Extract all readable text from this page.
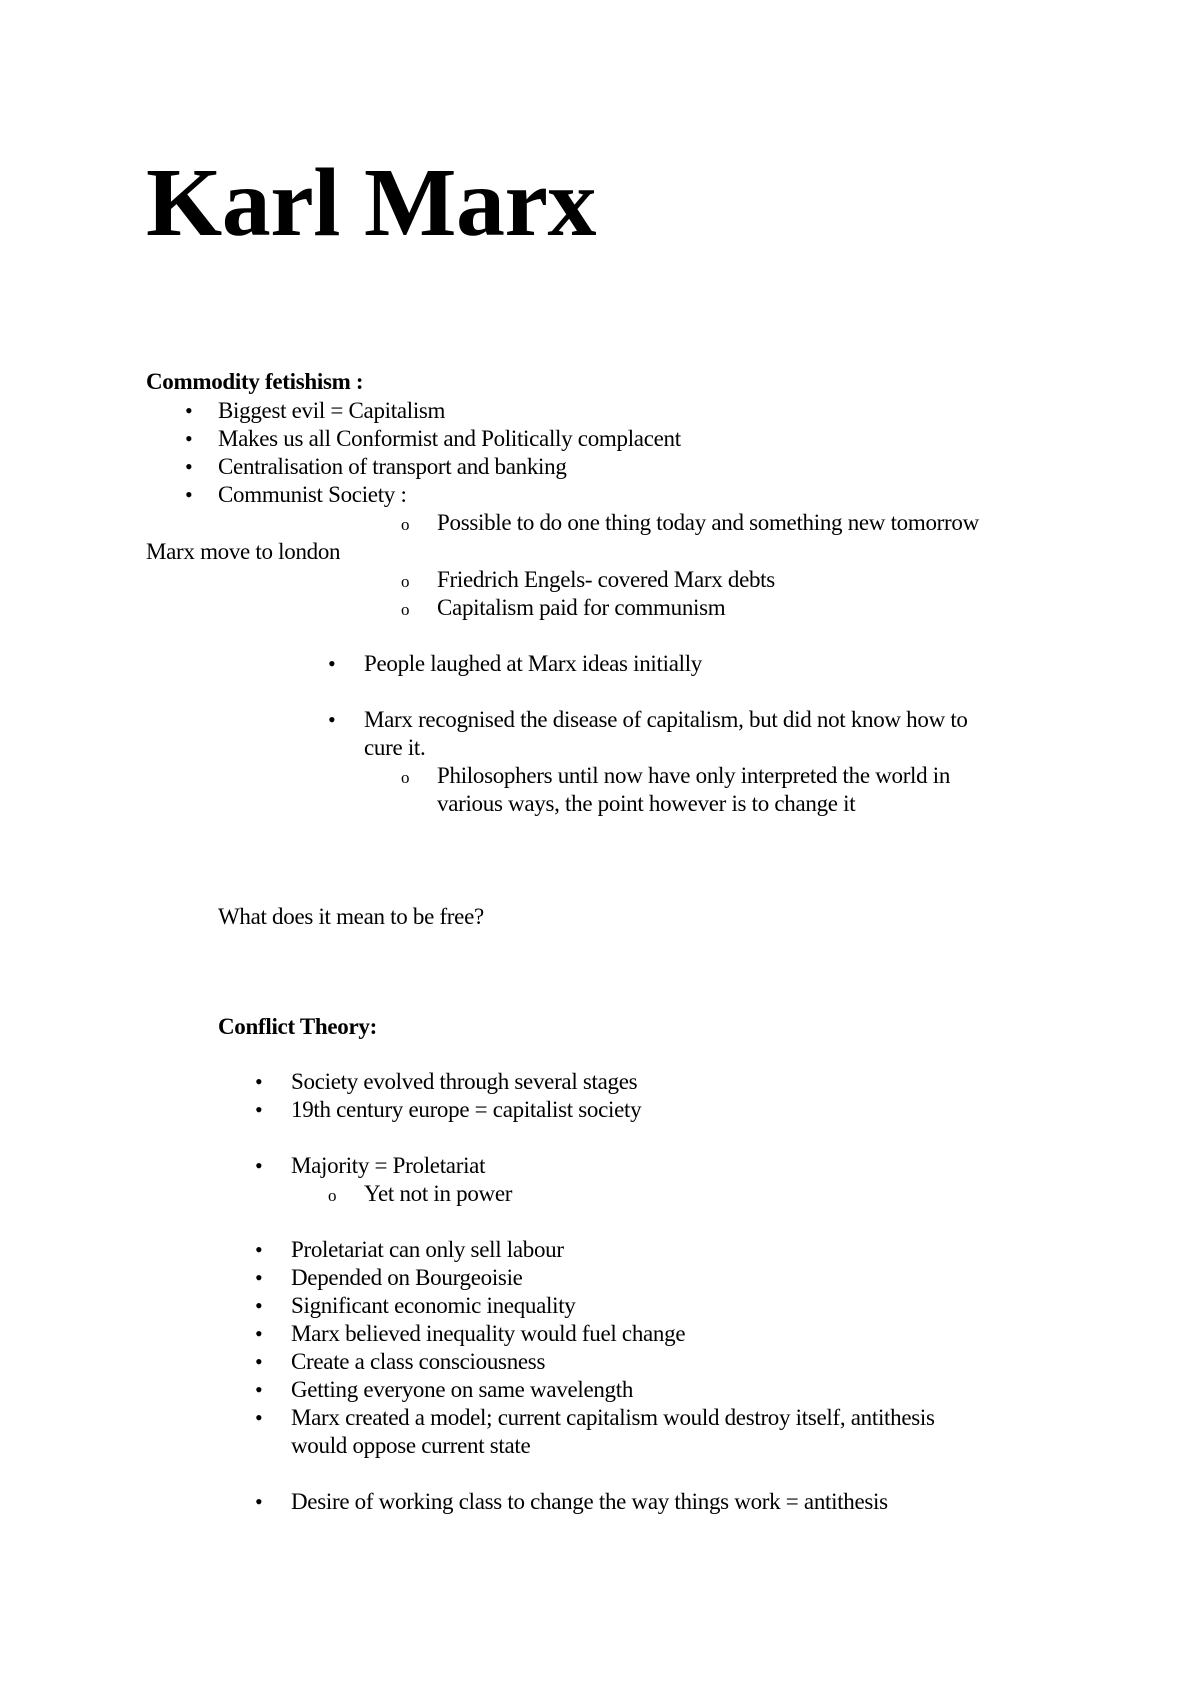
Karl Marx
Commodity fetishism :
• Biggest evil = Capitalism
• Makes us all Conformist and Politically complacent
• Centralisation of transport and banking
• Communist Society :
o Possible to do one thing today and something new tomorrow
Marx move to london
o Friedrich Engels- covered Marx debts
o Capitalism paid for communism
• People laughed at Marx ideas initially
• Marx recognised the disease of capitalism, but did not know how to
cure it.
o Philosophers until now have only interpreted the world in
various ways, the point however is to change it
What does it mean to be free?
Conflict Theory:
• Society evolved through several stages
• 19th century europe = capitalist society
• Majority = Proletariat
o Yet not in power
• Proletariat can only sell labour
• Depended on Bourgeoisie
• Significant economic inequality
• Marx believed inequality would fuel change
• Create a class consciousness
• Getting everyone on same wavelength
• Marx created a model; current capitalism would destroy itself, antithesis
would oppose current state
• Desire of working class to change the way things work = antithesis
